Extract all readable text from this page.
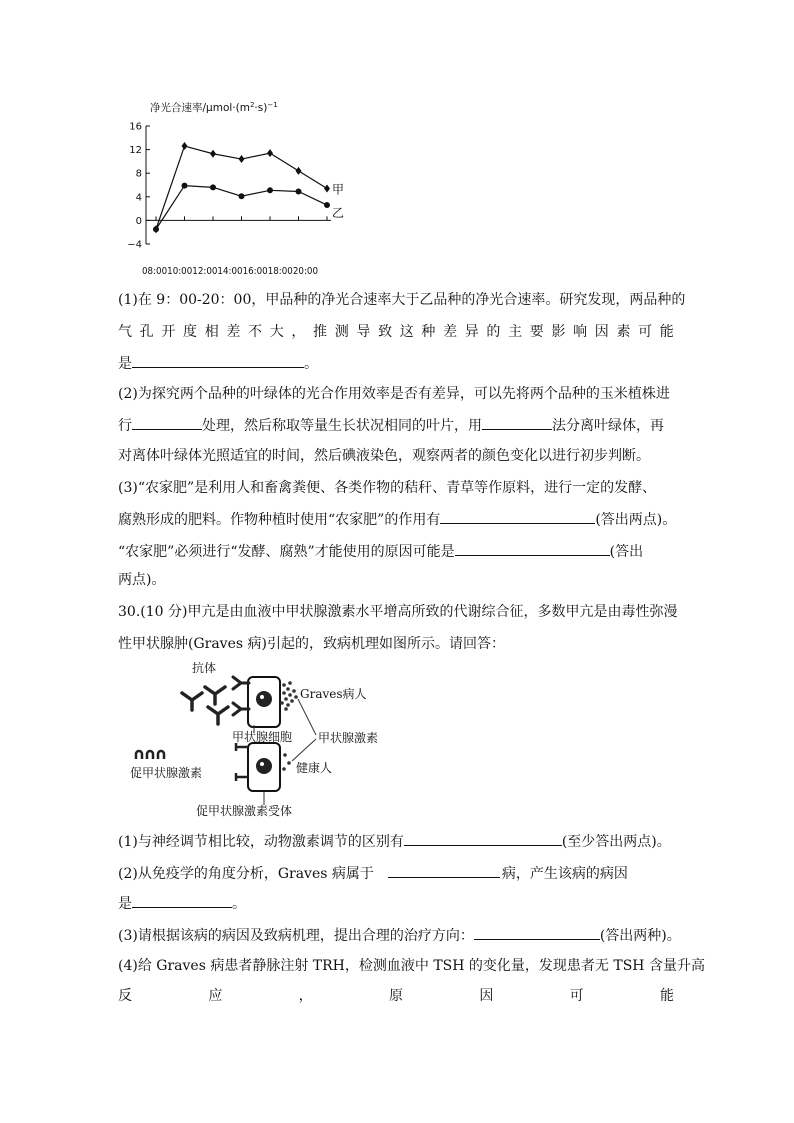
净光合速率$/\mu mol\cdot(m^2\cdot s)^{-1}$
16
12
8
4
0
−4
08:0010:0012:0014:0016:0018:0020:00
甲
乙
(1)在 9：00-20：00，甲品种的净光合速率大于乙品种的净光合速率。研究发现，两品种的
气 孔 开 度 相 差 不 大 ， 推 测 导 致 这 种 差 异 的 主 要 影 响 因 素 可 能
是	。
(2)为探究两个品种的叶绿体的光合作用效率是否有差异，可以先将两个品种的玉米植株进
行	处理，然后称取等量生长状况相同的叶片，用	法分离叶绿体，再
对离体叶绿体光照适宜的时间，然后碘液染色，观察两者的颜色变化以进行初步判断。
(3)“农家肥”是利用人和畜禽粪便、各类作物的秸秆、青草等作原料，进行一定的发酵、
腐熟形成的肥料。作物种植时使用“农家肥”的作用有	(答出两点)。
“农家肥”必须进行“发酵、腐熟”才能使用的原因可能是	(答出
两点)。
30.(10 分)甲亢是由血液中甲状腺激素水平增高所致的代谢综合征，多数甲亢是由毒性弥漫
性甲状腺肿(Graves 病)引起的，致病机理如图所示。请回答：
抗体
Graves病人
甲状腺细胞 甲状腺激素
促甲状腺激素	健康人
促甲状腺激素受体
(1)与神经调节相比较，动物激素调节的区别有	(至少答出两点)。
(2)从免疫学的角度分析，Graves 病属于	病，产生该病的病因
是	。
(3)请根据该病的病因及致病机理，提出合理的治疗方向：	(答出两种)。
(4)给 Graves 病患者静脉注射 TRH，检测血液中 TSH 的变化量，发现患者无 TSH 含量升高
反	应	，	原	因	可	能
